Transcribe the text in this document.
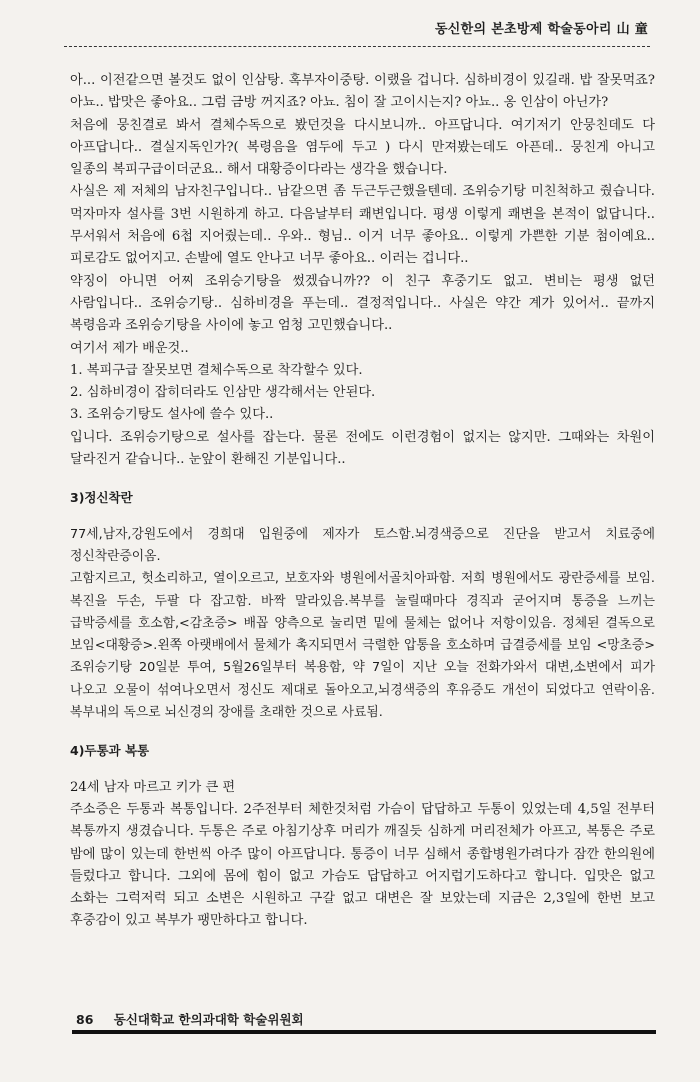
동신한의 본초방제 학술동아리 山 童

아... 이전같으면 볼것도 없이 인삼탕. 혹부자이중탕. 이랬을 겁니다. 심하비경이 있길래. 밥 잘못먹죠? 아뇨.. 밥맛은 좋아요.. 그럼 금방 꺼지죠? 아뇨. 침이 잘 고이시는지? 아뇨.. 옹 인삼이 아닌가?

처음에 뭉친결로 봐서 결체수독으로 봤던것을 다시보니까.. 아프답니다. 여기저기 안뭉친데도 다 아프답니다.. 결실지독인가?( 복령음을 염두에 두고 ) 다시 만져봤는데도 아픈데.. 뭉친게 아니고 일종의 복피구급이더군요.. 해서 대황증이다라는 생각을 했습니다.

사실은 제 저체의 남자친구입니다.. 남같으면 좀 두근두근했을텐데. 조위승기탕 미친척하고 줬습니다. 먹자마자 설사를 3번 시원하게 하고. 다음날부터 쾌변입니다. 평생 이렇게 쾌변을 본적이 없답니다.. 무서워서 처음에 6첩 지어줬는데.. 우와.. 형님.. 이거 너무 좋아요.. 이렇게 가쁜한 기분 첨이예요.. 피로감도 없어지고. 손발에 열도 안나고 너무 좋아요.. 이러는 겁니다..

약징이 아니면 어찌 조위승기탕을 썼겠습니까?? 이 친구 후중기도 없고. 변비는 평생 없던 사람입니다.. 조위승기탕.. 심하비경을 푸는데.. 결정적입니다.. 사실은 약간 계가 있어서.. 끝까지 복령음과 조위승기탕을 사이에 놓고 엄청 고민했습니다..

여기서 제가 배운것..

1. 복피구급 잘못보면 결체수독으로 착각할수 있다.

2. 심하비경이 잡히더라도 인삼만 생각해서는 안된다.

3. 조위승기탕도 설사에 쓸수 있다..

입니다. 조위승기탕으로 설사를 잡는다. 물론 전에도 이런경험이 없지는 않지만. 그때와는 차원이 달라진거 같습니다.. 눈앞이 환해진 기분입니다..

3)정신착란

77세,남자,강원도에서 경희대 입원중에 제자가 토스함.뇌경색증으로 진단을 받고서 치료중에 정신착란증이옴.

고함지르고, 헛소리하고, 열이오르고, 보호자와 병원에서골치아파함. 저희 병원에서도 광란증세를 보임. 복진을 두손, 두팔 다 잡고함. 바짝 말라있음.복부를 눌릴때마다 경직과 굳어지며 통증을 느끼는 급박증세를 호소함,<감초증> 배꼽 양측으로 눌리면 밑에 물체는 없어나 저항이있음. 정체된 결독으로 보임<대황증>.왼쪽 아랫배에서 물체가 촉지되면서 극렬한 압통을 호소하며 급결증세를 보임 <망초증> 조위승기탕 20일분 투여, 5월26일부터 복용함, 약 7일이 지난 오늘 전화가와서 대변,소변에서 피가 나오고 오물이 섞여나오면서 정신도 제대로 돌아오고,뇌경색증의 후유증도 개선이 되었다고 연락이옴.복부내의 독으로 뇌신경의 장애를 초래한 것으로 사료됨.

4)두통과 복통

24세 남자 마르고 키가 큰 편

주소증은 두통과 복통입니다. 2주전부터 체한것처럼 가슴이 답답하고 두통이 있었는데 4,5일 전부터 복통까지 생겼습니다. 두통은 주로 아침기상후 머리가 깨질듯 심하게 머리전체가 아프고, 복통은 주로 밤에 많이 있는데 한번씩 아주 많이 아프답니다. 통증이 너무 심해서 종합병원가려다가 잠깐 한의원에 들렀다고 합니다. 그외에 몸에 힘이 없고 가슴도 답답하고 어지럽기도하다고 합니다. 입맛은 없고 소화는 그럭저럭 되고 소변은 시원하고 구갈 없고 대변은 잘 보았는데 지금은 2,3일에 한번 보고 후중감이 있고 복부가 팽만하다고 합니다.

86 동신대학교 한의과대학 학술위원회
